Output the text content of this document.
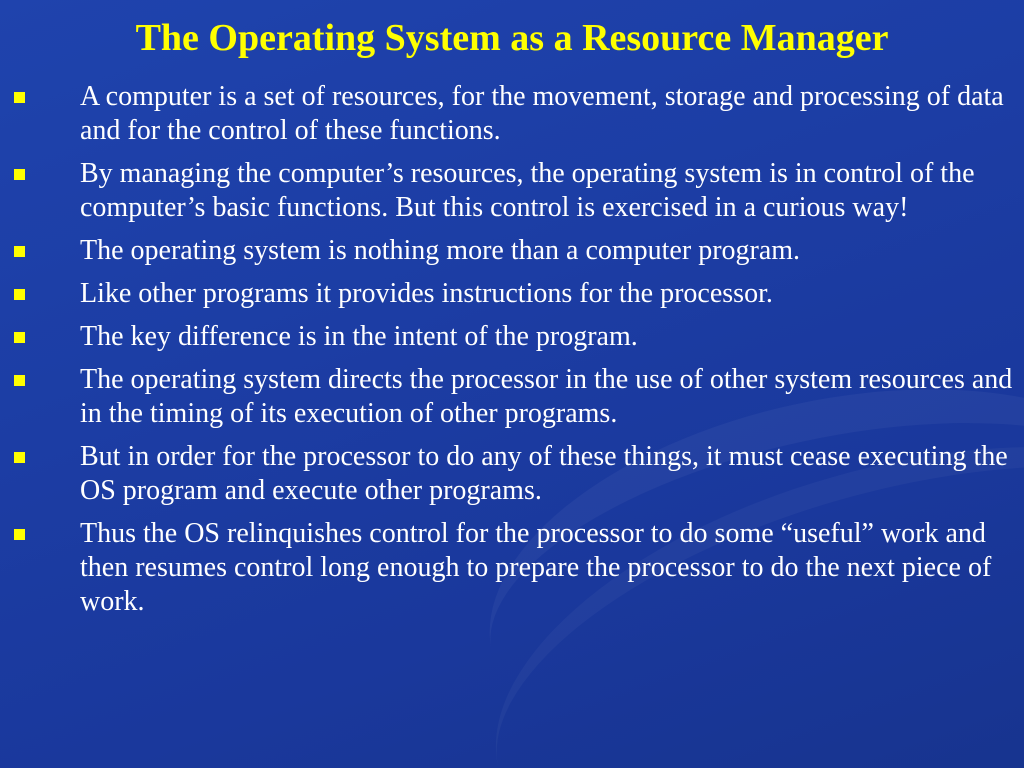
The Operating System as a Resource Manager
A computer is a set of resources, for the movement, storage and processing of data and for the control of these functions.
By managing the computer’s resources, the operating system is in control of the computer’s basic functions. But this control is exercised in a curious way!
The operating system is nothing more than a computer program.
Like other programs it provides instructions for the processor.
The key difference is in the intent of the program.
The operating system directs the processor in the use of other system resources and in the timing of its execution of other programs.
But in order for the processor to do any of these things, it must cease executing the OS program and execute other programs.
Thus the OS relinquishes control for the processor to do some “useful” work and then resumes control long enough to prepare the processor to do the next piece of work.
